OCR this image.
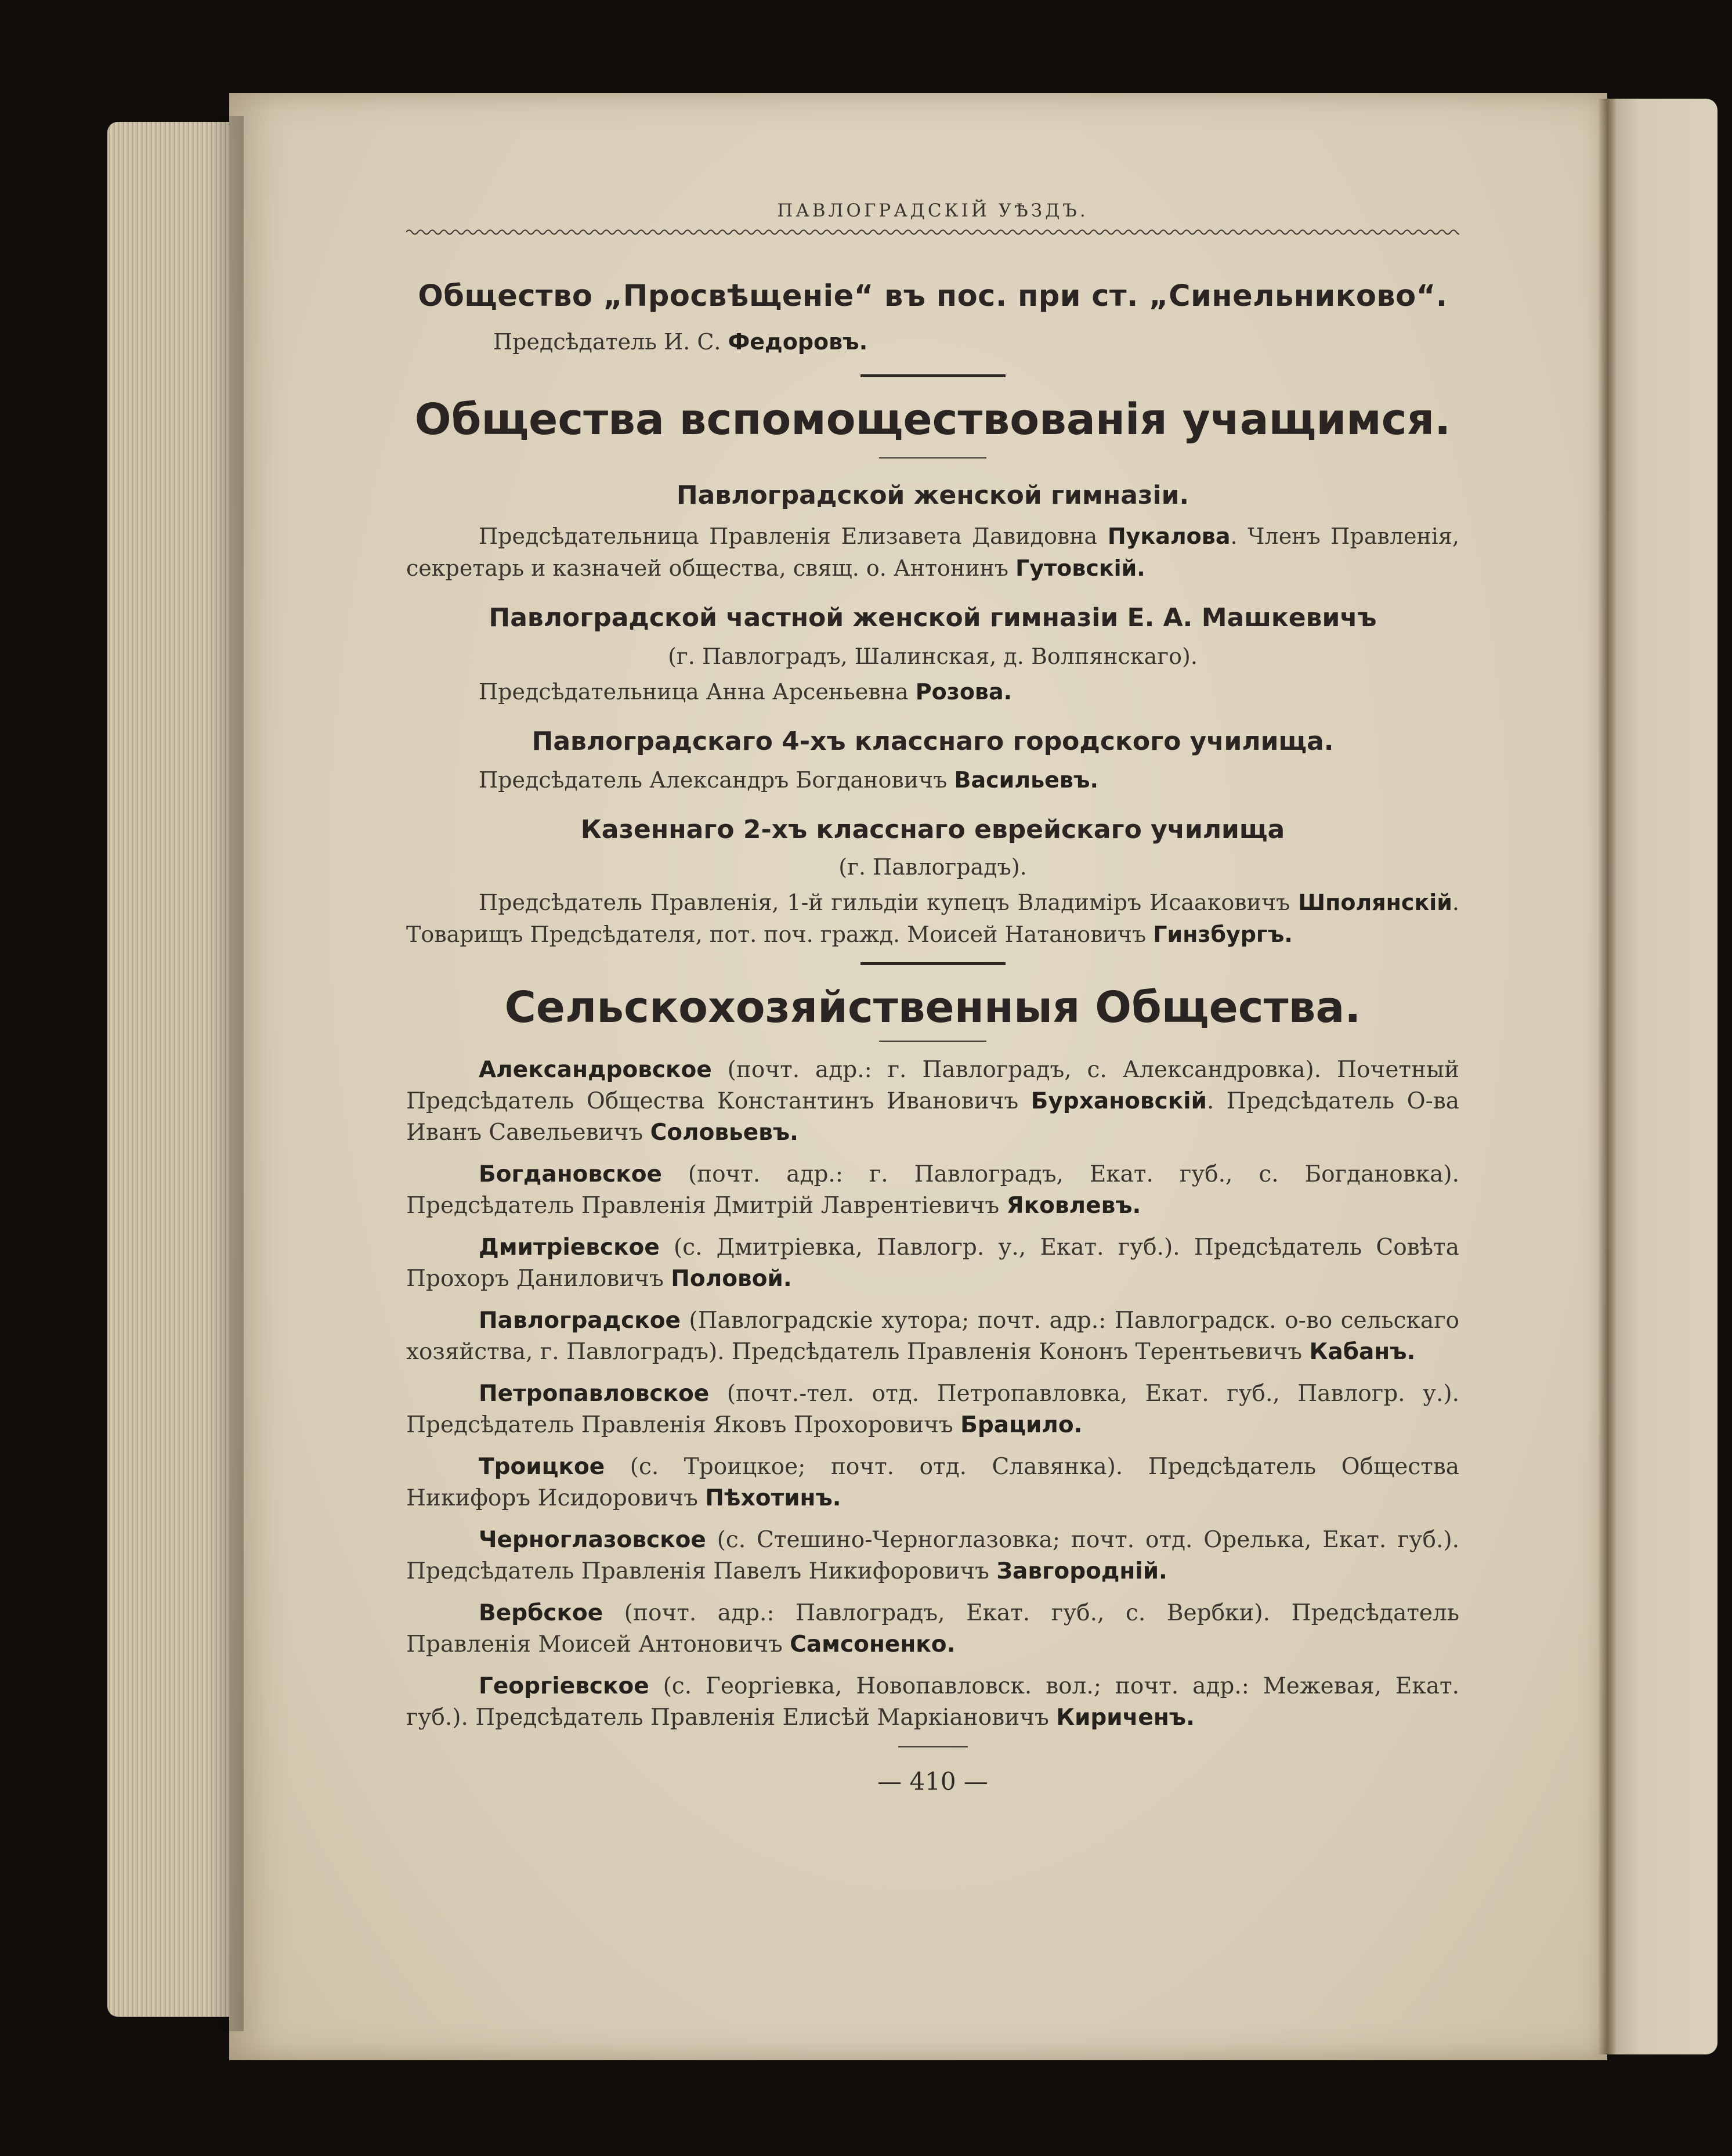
ПАВЛОГРАДСКІЙ УѢЗДЪ.
Общество „Просвѣщеніе“ въ пос. при ст. „Синельниково“.

Предсѣдатель И. С. Федоровъ.

Общества вспомоществованія учащимся.
Павлоградской женской гимназіи.

Предсѣдательница Правленія Елизавета Давидовна Пукалова. Членъ Правленія, секретарь и казначей общества, свящ. о. Антонинъ Гутовскій.

Павлоградской частной женской гимназіи Е. А. Машкевичъ

(г. Павлоградъ, Шалинская, д. Волпянскаго).

Предсѣдательница Анна Арсеньевна Розова.

Павлоградскаго 4-хъ класснаго городского училища.

Предсѣдатель Александръ Богдановичъ Васильевъ.

Казеннаго 2-хъ класснаго еврейскаго училища

(г. Павлоградъ).

Предсѣдатель Правленія, 1-й гильдіи купецъ Владиміръ Исааковичъ Шполянскій. Товарищъ Предсѣдателя, пот. поч. гражд. Моисей Натановичъ Гинзбургъ.

Сельскохозяйственныя Общества.

Александровское (почт. адр.: г. Павлоградъ, с. Александровка). Почетный Предсѣдатель Общества Константинъ Ивановичъ Бурхановскій. Предсѣдатель О-ва Иванъ Савельевичъ Соловьевъ.

Богдановское (почт. адр.: г. Павлоградъ, Екат. губ., с. Богдановка). Предсѣдатель Правленія Дмитрій Лаврентіевичъ Яковлевъ.

Дмитріевское (с. Дмитріевка, Павлогр. у., Екат. губ.). Предсѣдатель Совѣта Прохоръ Даниловичъ Половой.

Павлоградское (Павлоградскіе хутора; почт. адр.: Павлоградск. о-во сельскаго хозяйства, г. Павлоградъ). Предсѣдатель Правленія Кононъ Терентьевичъ Кабанъ.

Петропавловское (почт.-тел. отд. Петропавловка, Екат. губ., Павлогр. у.). Предсѣдатель Правленія Яковъ Прохоровичъ Брацило.

Троицкое (с. Троицкое; почт. отд. Славянка). Предсѣдатель Общества Никифоръ Исидоровичъ Пѣхотинъ.

Черноглазовское (с. Стешино-Черноглазовка; почт. отд. Орелька, Екат. губ.). Предсѣдатель Правленія Павелъ Никифоровичъ Завгородній.

Вербское (почт. адр.: Павлоградъ, Екат. губ., с. Вербки). Предсѣдатель Правленія Моисей Антоновичъ Самсоненко.

Георгіевское (с. Георгіевка, Новопавловск. вол.; почт. адр.: Межевая, Екат. губ.). Предсѣдатель Правленія Елисѣй Маркіановичъ Кириченъ.

— 410 —
